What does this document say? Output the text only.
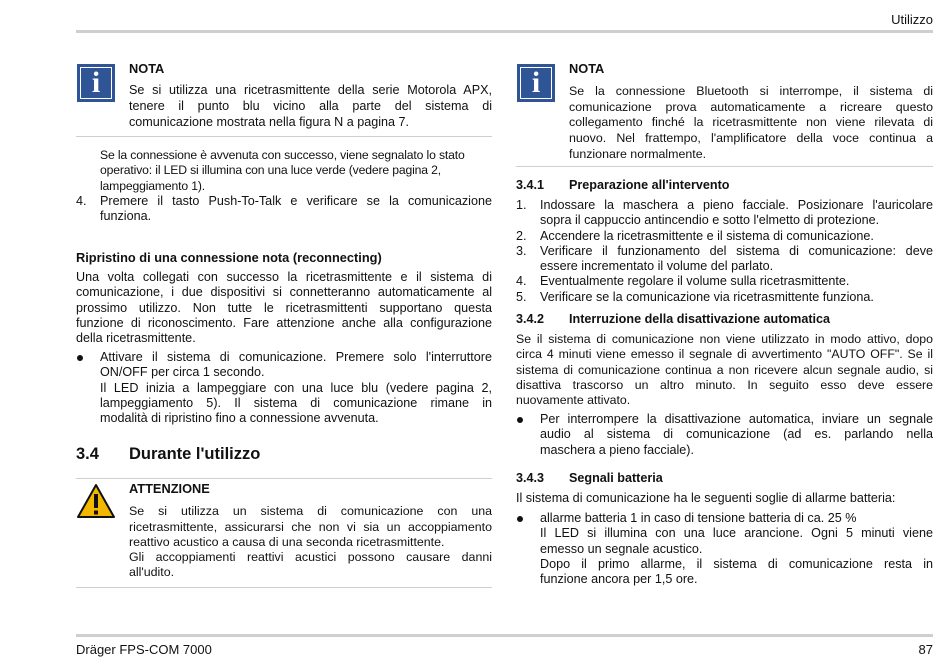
Utilizzo
i	NOTA

Se si utilizza una ricetrasmittente della serie Motorola APX,
tenere il punto blu vicino alla parte del sistema di
comunicazione mostrata nella figura N a pagina 7.
Se la connessione è avvenuta con successo, viene segnalato lo stato
operativo: il LED si illumina con una luce verde (vedere pagina 2,
lampeggiamento 1).
4. Premere il tasto Push-To-Talk e verificare se la comunicazione
funziona.
Ripristino di una connessione nota (reconnecting)
Una volta collegati con successo la ricetrasmittente e il sistema di
comunicazione, i due dispositivi si connetteranno automaticamente al
prossimo utilizzo. Non tutte le ricetrasmittenti supportano questa
funzione di riconoscimento. Fare attenzione anche alla configurazione
della ricetrasmittente.
Attivare il sistema di comunicazione. Premere solo l'interruttore
ON/OFF per circa 1 secondo.
Il LED inizia a lampeggiare con una luce blu (vedere pagina 2,
lampeggiamento 5). Il sistema di comunicazione rimane in
modalità di ripristino fino a connessione avvenuta.
3.4 Durante l'utilizzo

ATTENZIONE

Se si utilizza un sistema di comunicazione con una
ricetrasmittente, assicurarsi che non vi sia un accoppiamento
reattivo acustico a causa di una seconda ricetrasmittente.
Gli accoppiamenti reattivi acustici possono causare danni
all'udito.
i	NOTA

Se la connessione Bluetooth si interrompe, il sistema di
comunicazione prova automaticamente a ricreare questo
collegamento finché la ricetrasmittente non viene rilevata di
nuovo. Nel frattempo, l'amplificatore della voce continua a
funzionare normalmente.
3.4.1 Preparazione all'intervento
1. Indossare la maschera a pieno facciale. Posizionare l'auricolare
sopra il cappuccio antincendio e sotto l'elmetto di protezione.
2. Accendere la ricetrasmittente e il sistema di comunicazione.
3. Verificare il funzionamento del sistema di comunicazione: deve
essere incrementato il volume del parlato.
4. Eventualmente regolare il volume sulla ricetrasmittente.
5. Verificare se la comunicazione via ricetrasmittente funziona.
3.4.2 Interruzione della disattivazione automatica
Se il sistema di comunicazione non viene utilizzato in modo attivo, dopo
circa 4 minuti viene emesso il segnale di avvertimento "AUTO OFF". Se il
sistema di comunicazione continua a non ricevere alcun segnale audio, si
disattiva trascorso un altro minuto. In seguito esso deve essere
nuovamente attivato.
Per interrompere la disattivazione automatica, inviare un segnale
audio al sistema di comunicazione (ad es. parlando nella
maschera a pieno facciale).
3.4.3 Segnali batteria
Il sistema di comunicazione ha le seguenti soglie di allarme batteria:
allarme batteria 1 in caso di tensione batteria di ca. 25 %
Il LED si illumina con una luce arancione. Ogni 5 minuti viene
emesso un segnale acustico.
Dopo il primo allarme, il sistema di comunicazione resta in
funzione ancora per 1,5 ore.
Dräger FPS-COM 7000	87
